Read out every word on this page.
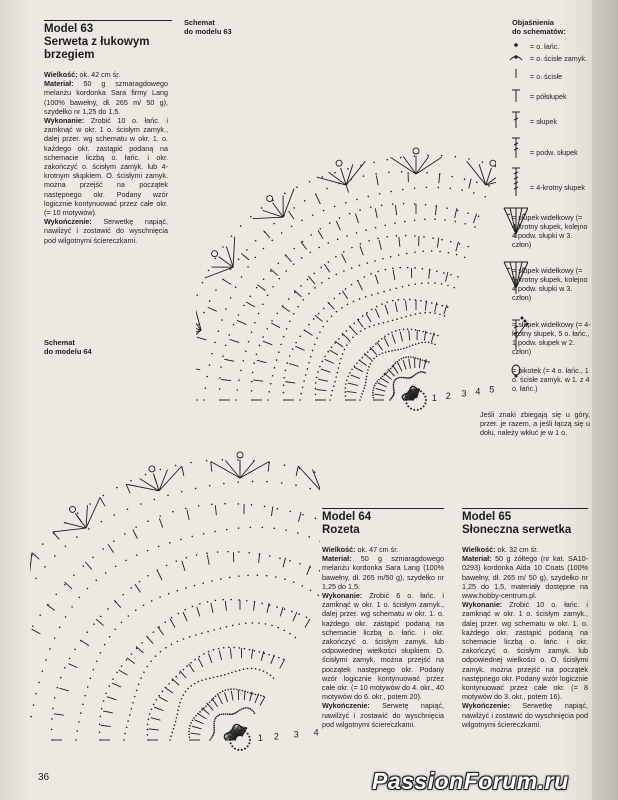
Model 63
Serweta z łukowym
brzegiem

Wielkość: ok. 42 cm śr.

Materiał: 50 g szmaragdowego melanżu kordonka Sara firmy Lang (100% bawełny, dł. 265 m/ 50 g), szydełko nr 1,25 do 1,5.

Wykonanie: Zrobić 10 o. łańc. i zamknąć w okr. 1 o. ścisłym zamyk., dalej przer. wg schematu w okr. 1. o. każdego okr. zastąpić podaną na schemacie liczbą o. łańc. i okr. zakończyć o. ścisłym zamyk. lub 4-krotnym słupkiem. O. ścisłymi zamyk. można przejść na początek następnego okr. Podany wzór logicznie kontynuować przez całe okr. (= 10 motywów).

Wykończenie: Serwetkę napiąć, nawilżyć i zostawić do wyschnięcia pod wilgotnymi ściereczkami.

Schemat
do modelu 63
1 2 3 4 5
Objaśnienia
do schematów:
= o. łańc.
= o. ścisłe zamyk.
= o. ścisłe
= półsłupek
= słupek
= podw. słupek
= 4-krotny słupek
= słupek widełkowy (= 4-krotny słupek, kolejno 4 podw. słupki w 3. człon)
= słupek widełkowy (= 5-krotny słupek, kolejno 4 podw. słupki w 3. człon)
= słupek widełkowy (= 4-krotny słupek, 5 o. łańc., 1 podw. słupek w 2. człon)
= pikotek (= 4 o. łańc., 1 o. ścisłe zamyk. w 1. z 4 o. łańc.)
Jeśli znaki zbiegają się u góry, przer. je razem, a jeśli łączą się u dołu, należy wkłuć je w 1 o.
Schemat
do modelu 64
1 2 3 4
Model 64
Rozeta

Wielkość: ok. 47 cm śr.

Materiał: 50 g szmaragdowego melanżu kordonka Sara Lang (100% bawełny, dł. 265 m/50 g), szydełko nr 1,25 do 1,5.

Wykonanie: Zrobić 6 o. łańc. i zamknąć w okr. 1 o. ścisłym zamyk., dalej przer. wg schematu w okr. 1. o. każdego okr. zastąpić podaną na schemacie liczbą o. łańc. i okr. zakończyć o. ścisłym zamyk. lub odpowiednej wielkości słupkiem. O. ścisłymi zamyk. można przejść na początek następnego okr. Podany wzór logicznie kontynuować przez całe okr. (= 10 motywów do 4. okr., 40 motywów do 6. okr., potem 20).

Wykończenie: Serwetę napiąć, nawilżyć i zostawić do wyschnięcia pod wilgotnymi ściereczkami.

Model 65
Słoneczna serwetka

Wielkość: ok. 32 cm śr.

Materiał: 50 g żółtego (nr kat. SA10-0293) kordonka Aida 10 Coats (100% bawełny, dł. 265 m/ 50 g), szydełko nr 1,25 do 1,5, materiały dostępne na www.hobby-centrum.pl.

Wykonanie: Zrobić 10 o. łańc. i zamknąć w okr. 1 o. ścisłym zamyk., dalej przer. wg schematu w okr. 1. o. każdego okr. zastąpić podaną na schemacie liczbą o. łańc. i okr. zakończyć o. ścisłym zamyk. lub odpowiednej wielkości o. O. ścisłymi zamyk. można przejść na początek następnego okr. Podany wzór logicznie kontynuować przez całe okr. (= 8 motywów do 3. okr., potem 16).

Wykończenie: Serwetkę napiąć, nawilżyć i zostawić do wyschnięcia pod wilgotnymi ściereczkami.

36	PassionForum.ru
